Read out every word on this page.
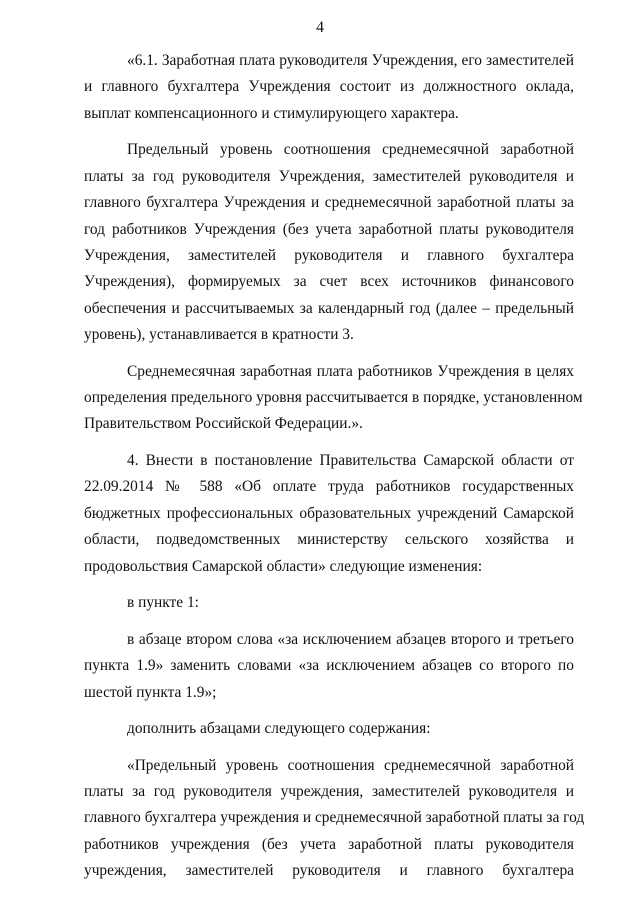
4
«6.1. Заработная плата руководителя Учреждения, его заместителей
и главного бухгалтера Учреждения состоит из должностного оклада,
выплат компенсационного и стимулирующего характера.
Предельный уровень соотношения среднемесячной заработной
платы за год руководителя Учреждения, заместителей руководителя и
главного бухгалтера Учреждения и среднемесячной заработной платы за
год работников Учреждения (без учета заработной платы руководителя
Учреждения, заместителей руководителя и главного бухгалтера
Учреждения), формируемых за счет всех источников финансового
обеспечения и рассчитываемых за календарный год (далее – предельный
уровень), устанавливается в кратности 3.
Среднемесячная заработная плата работников Учреждения в целях
определения предельного уровня рассчитывается в порядке, установленном
Правительством Российской Федерации.».
4. Внести в постановление Правительства Самарской области от
22.09.2014 № 588 «Об оплате труда работников государственных
бюджетных профессиональных образовательных учреждений Самарской
области, подведомственных министерству сельского хозяйства и
продовольствия Самарской области» следующие изменения:
в пункте 1:
в абзаце втором слова «за исключением абзацев второго и третьего
пункта 1.9» заменить словами «за исключением абзацев со второго по
шестой пункта 1.9»;
дополнить абзацами следующего содержания:
«Предельный уровень соотношения среднемесячной заработной
платы за год руководителя учреждения, заместителей руководителя и
главного бухгалтера учреждения и среднемесячной заработной платы за год
работников учреждения (без учета заработной платы руководителя
учреждения, заместителей руководителя и главного бухгалтера
